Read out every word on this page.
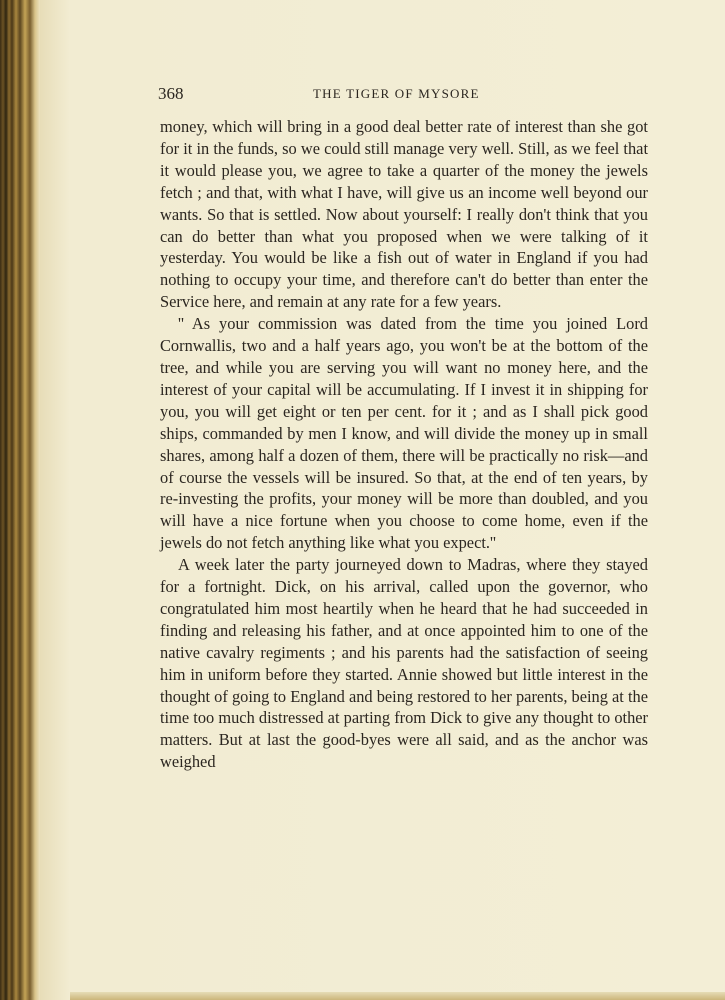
368	THE TIGER OF MYSORE

money, which will bring in a good deal better rate of interest than she got for it in the funds, so we could still manage very well. Still, as we feel that it would please you, we agree to take a quarter of the money the jewels fetch ; and that, with what I have, will give us an income well beyond our wants. So that is settled. Now about yourself: I really don't think that you can do better than what you proposed when we were talking of it yesterday. You would be like a fish out of water in England if you had nothing to occupy your time, and therefore can't do better than enter the Service here, and remain at any rate for a few years.

'' As your commission was dated from the time you joined Lord Cornwallis, two and a half years ago, you won't be at the bottom of the tree, and while you are serving you will want no money here, and the interest of your capital will be accumulating. If I invest it in shipping for you, you will get eight or ten per cent. for it ; and as I shall pick good ships, commanded by men I know, and will divide the money up in small shares, among half a dozen of them, there will be practically no risk—and of course the vessels will be insured. So that, at the end of ten years, by re-investing the profits, your money will be more than doubled, and you will have a nice fortune when you choose to come home, even if the jewels do not fetch anything like what you expect.''

A week later the party journeyed down to Madras, where they stayed for a fortnight. Dick, on his arrival, called upon the governor, who congratulated him most heartily when he heard that he had succeeded in finding and releasing his father, and at once appointed him to one of the native cavalry regiments ; and his parents had the satisfaction of seeing him in uniform before they started. Annie showed but little interest in the thought of going to England and being restored to her parents, being at the time too much distressed at parting from Dick to give any thought to other matters. But at last the good-byes were all said, and as the anchor was weighed
